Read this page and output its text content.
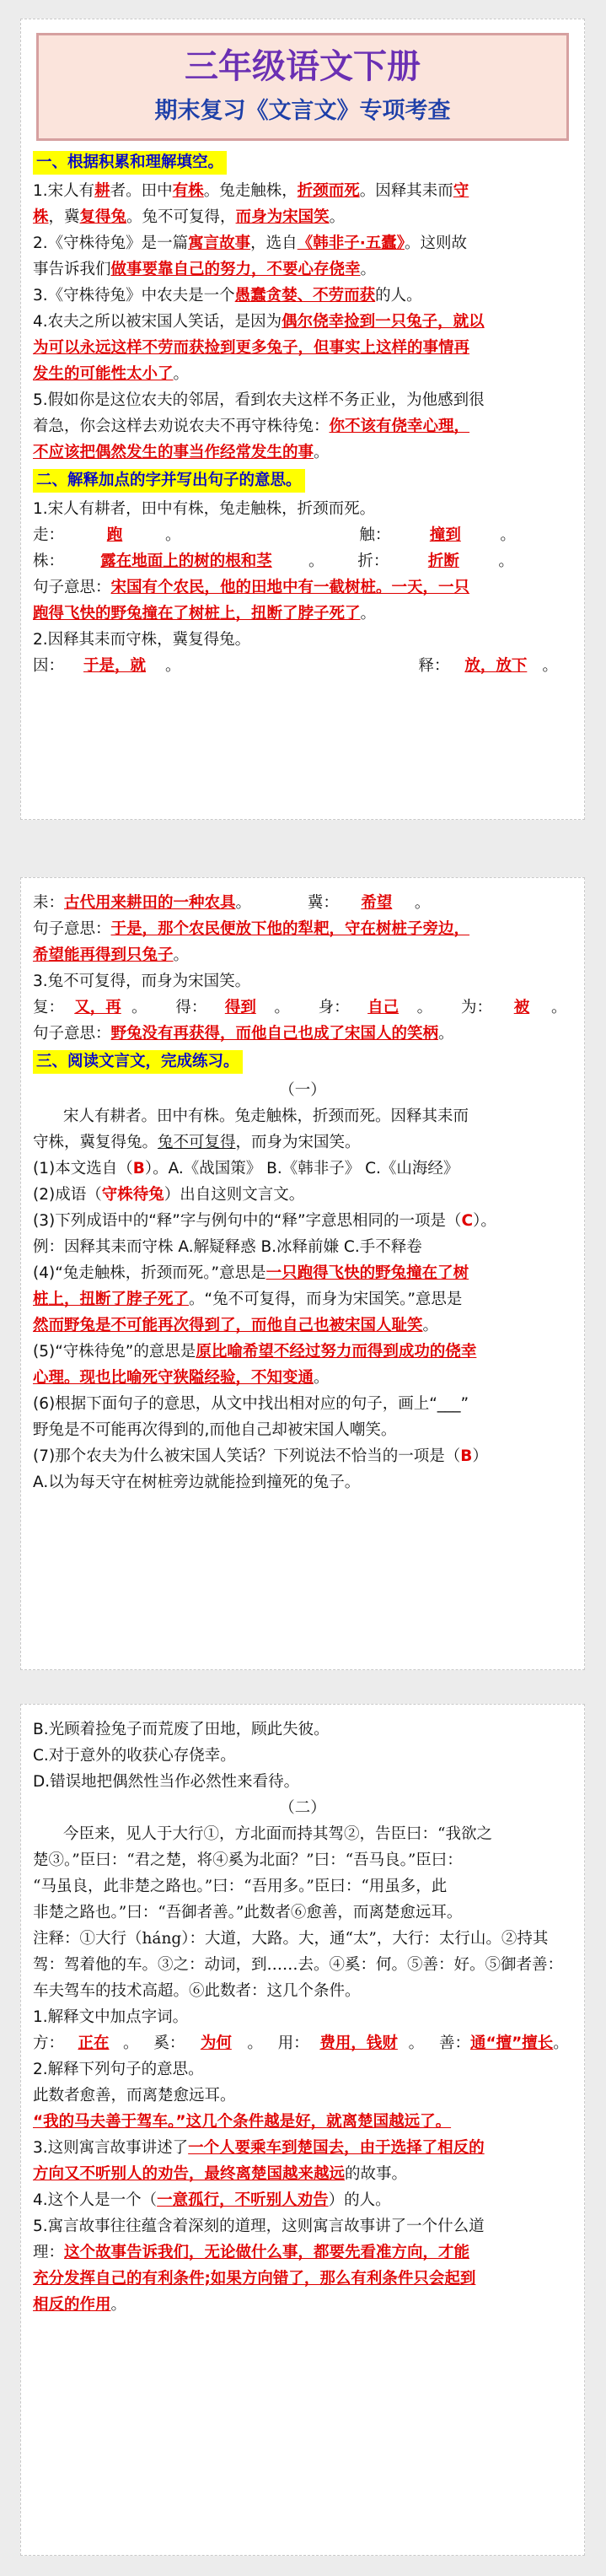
三年级语文下册
期末复习《文言文》专项考查
一、根据积累和理解填空。
1.宋人有耕者。田中有株。兔走触株，折颈而死。因释其耒而守
株，冀复得兔。兔不可复得，而身为宋国笑。
2.《守株待兔》是一篇寓言故事，选自《韩非子·五蠹》。这则故
事告诉我们做事要靠自己的努力，不要心存侥幸。
3.《守株待兔》中农夫是一个愚蠢贪婪、不劳而获的人。
4.农夫之所以被宋国人笑话，是因为偶尔侥幸捡到一只兔子，就以
为可以永远这样不劳而获捡到更多兔子，但事实上这样的事情再
发生的可能性太小了。
5.假如你是这位农夫的邻居，看到农夫这样不务正业，为他感到很
着急，你会这样去劝说农夫不再守株待兔：你不该有侥幸心理，
不应该把偶然发生的事当作经常发生的事。
二、解释加点的字并写出句子的意思。
1.宋人有耕者，田中有株，兔走触株，折颈而死。
走：	跑	。	触：	撞到	。
株： 露在地面上的树的根和茎 。 折：	折断	。
句子意思：宋国有个农民，他的田地中有一截树桩。一天，一只
跑得飞快的野兔撞在了树桩上，扭断了脖子死了。
2.因释其耒而守株，冀复得兔。
因： 于是，就 。	释： 放，放下 。
耒：古代用来耕田的一种农具。	冀： 希望 。
句子意思：于是，那个农民便放下他的犁耙，守在树桩子旁边，
希望能再得到只兔子。
3.兔不可复得，而身为宋国笑。
复： 又，再 。 得： 得到 。 身： 自己 。 为： 被 。
句子意思：野兔没有再获得，而他自己也成了宋国人的笑柄。
三、阅读文言文，完成练习。
（一）
宋人有耕者。田中有株。兔走触株，折颈而死。因释其耒而
守株，冀复得兔。兔不可复得，而身为宋国笑。
(1)本文选自（B）。A.《战国策》 B.《韩非子》 C.《山海经》
(2)成语（守株待兔）出自这则文言文。
(3)下列成语中的“释”字与例句中的“释”字意思相同的一项是（C）。
例：因释其耒而守株 A.解疑释惑 B.冰释前嫌 C.手不释卷
(4)“兔走触株，折颈而死。”意思是一只跑得飞快的野兔撞在了树
桩上，扭断了脖子死了。“兔不可复得，而身为宋国笑。”意思是
然而野兔是不可能再次得到了，而他自己也被宋国人耻笑。
(5)“守株待兔”的意思是原比喻希望不经过努力而得到成功的侥幸
心理。现也比喻死守狭隘经验，不知变通。
(6)根据下面句子的意思，从文中找出相对应的句子，画上“___”
野兔是不可能再次得到的,而他自己却被宋国人嘲笑。
(7)那个农夫为什么被宋国人笑话？下列说法不恰当的一项是（B）
A.以为每天守在树桩旁边就能捡到撞死的兔子。
B.光顾着捡兔子而荒废了田地，顾此失彼。
C.对于意外的收获心存侥幸。
D.错误地把偶然性当作必然性来看待。
（二）
今臣来，见人于大行①，方北面而持其驾②，告臣曰：“我欲之
楚③。”臣曰：“君之楚，将④奚为北面？”曰：“吾马良。”臣曰：
“马虽良，此非楚之路也。”曰：“吾用多。”臣曰：“用虽多，此
非楚之路也。”曰：“吾御者善。”此数者⑥愈善，而离楚愈远耳。
注释：①大行（háng）：大道，大路。大，通“太”，大行：太行山。②持其
驾：驾着他的车。③之：动词，到……去。④奚：何。⑤善：好。⑤御者善：
车夫驾车的技术高超。⑥此数者：这几个条件。
1.解释文中加点字词。
方： 正在 。 奚： 为何 。 用： 费用，钱财 。 善：通“擅”擅长。
2.解释下列句子的意思。
此数者愈善，而离楚愈远耳。
“我的马夫善于驾车。”这几个条件越是好，就离楚国越远了。
3.这则寓言故事讲述了一个人要乘车到楚国去，由于选择了相反的
方向又不听别人的劝告，最终离楚国越来越远的故事。
4.这个人是一个（一意孤行，不听别人劝告）的人。
5.寓言故事往往蕴含着深刻的道理，这则寓言故事讲了一个什么道
理：这个故事告诉我们，无论做什么事，都要先看准方向，才能
充分发挥自己的有利条件;如果方向错了，那么有利条件只会起到
相反的作用。
